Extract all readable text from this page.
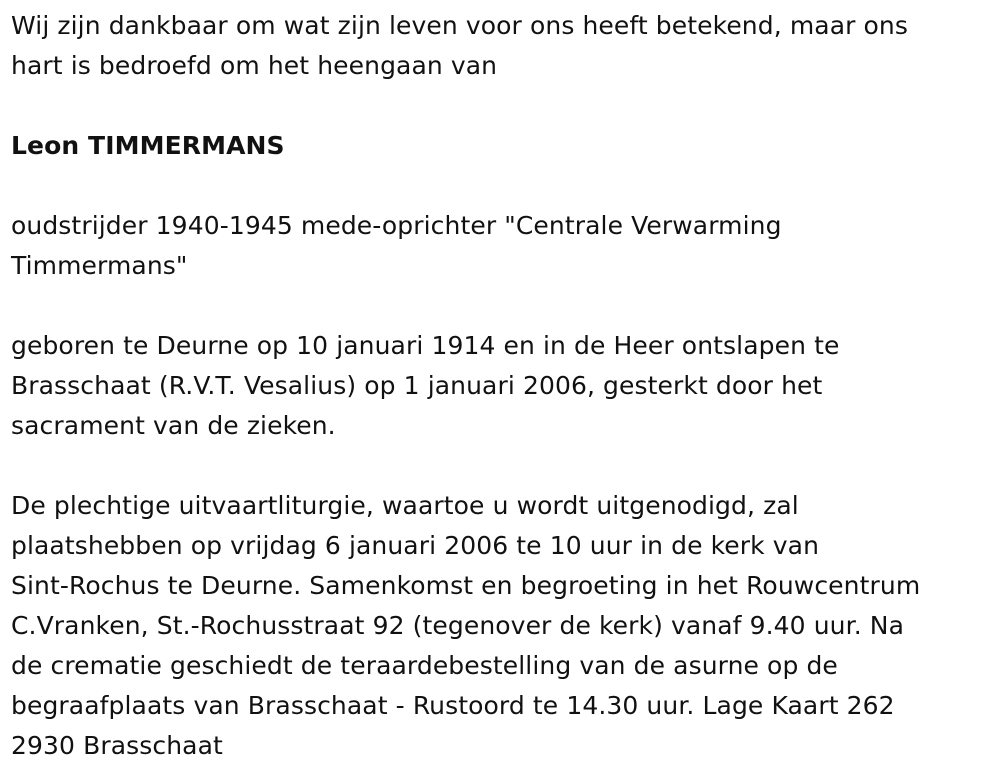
Wij zijn dankbaar om wat zijn leven voor ons heeft betekend, maar ons

hart is bedroefd om het heengaan van

Leon TIMMERMANS

oudstrijder 1940-1945 mede-oprichter "Centrale Verwarming

Timmermans"

geboren te Deurne op 10 januari 1914 en in de Heer ontslapen te

Brasschaat (R.V.T. Vesalius) op 1 januari 2006, gesterkt door het

sacrament van de zieken.

De plechtige uitvaartliturgie, waartoe u wordt uitgenodigd, zal

plaatshebben op vrijdag 6 januari 2006 te 10 uur in de kerk van

Sint-Rochus te Deurne. Samenkomst en begroeting in het Rouwcentrum

C.Vranken, St.-Rochusstraat 92 (tegenover de kerk) vanaf 9.40 uur. Na

de crematie geschiedt de teraardebestelling van de asurne op de

begraafplaats van Brasschaat - Rustoord te 14.30 uur. Lage Kaart 262

2930 Brasschaat
